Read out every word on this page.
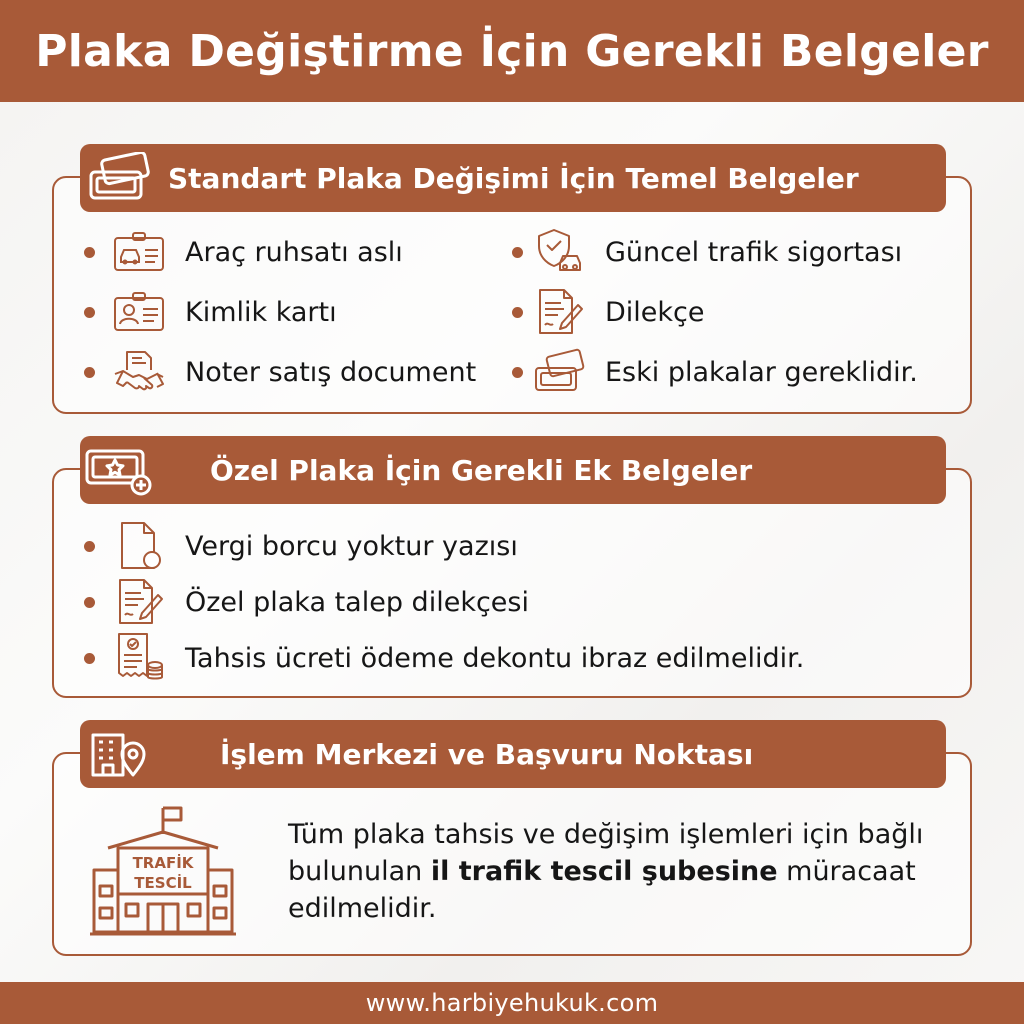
Plaka Değiştirme İçin Gerekli Belgeler
Standart Plaka Değişimi İçin Temel Belgeler
Araç ruhsatı aslı
Kimlik kartı
Noter satış document
Güncel trafik sigortası
Dilekçe
Eski plakalar gereklidir.
Özel Plaka İçin Gerekli Ek Belgeler
Vergi borcu yoktur yazısı
Özel plaka talep dilekçesi
Tahsis ücreti ödeme dekontu ibraz edilmelidir.
İşlem Merkezi ve Başvuru Noktası
TRAFİK
TESCİL

Tüm plaka tahsis ve değişim işlemleri için bağlı bulunulan il trafik tescil şubesine müracaat edilmelidir.

www.harbiyehukuk.com
